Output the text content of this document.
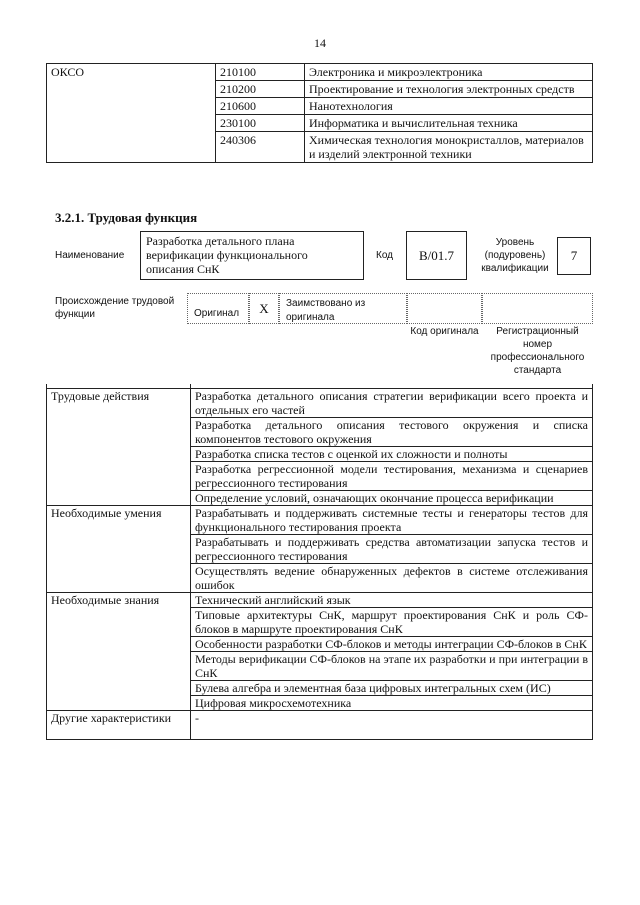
14
ОКСО	210100	Электроника и микроэлектроника
	210200	Проектирование и технология электронных средств
	210600	Нанотехнология
	230100	Информатика и вычислительная техника
	240306	Химическая технология монокристаллов, материалов и изделий электронной техники
3.2.1. Трудовая функция
Наименование
Разработка детального плана верификации функционального описания СнК
Код	B/01.7
Уровень (подуровень) квалификации
7
Происхождение трудовой функции	Оригинал	X	Заимствовано из оригинала
Код оригинала	Регистрационный номер профессионального стандарта

Трудовые действия	Разработка детального описания стратегии верификации всего проекта и отдельных его частей
	Разработка детального описания тестового окружения и списка компонентов тестового окружения
	Разработка списка тестов с оценкой их сложности и полноты
	Разработка регрессионной модели тестирования, механизма и сценариев регрессионного тестирования
	Определение условий, означающих окончание процесса верификации
Необходимые умения	Разрабатывать и поддерживать системные тесты и генераторы тестов для функционального тестирования проекта
	Разрабатывать и поддерживать средства автоматизации запуска тестов и регрессионного тестирования
	Осуществлять ведение обнаруженных дефектов в системе отслеживания ошибок
Необходимые знания	Технический английский язык
	Типовые архитектуры СнК, маршрут проектирования СнК и роль СФ-блоков в маршруте проектирования СнК
	Особенности разработки СФ-блоков и методы интеграции СФ-блоков в СнК
	Методы верификации СФ-блоков на этапе их разработки и при интеграции в СнК
	Булева алгебра и элементная база цифровых интегральных схем (ИС)
	Цифровая микросхемотехника
Другие характеристики	-
